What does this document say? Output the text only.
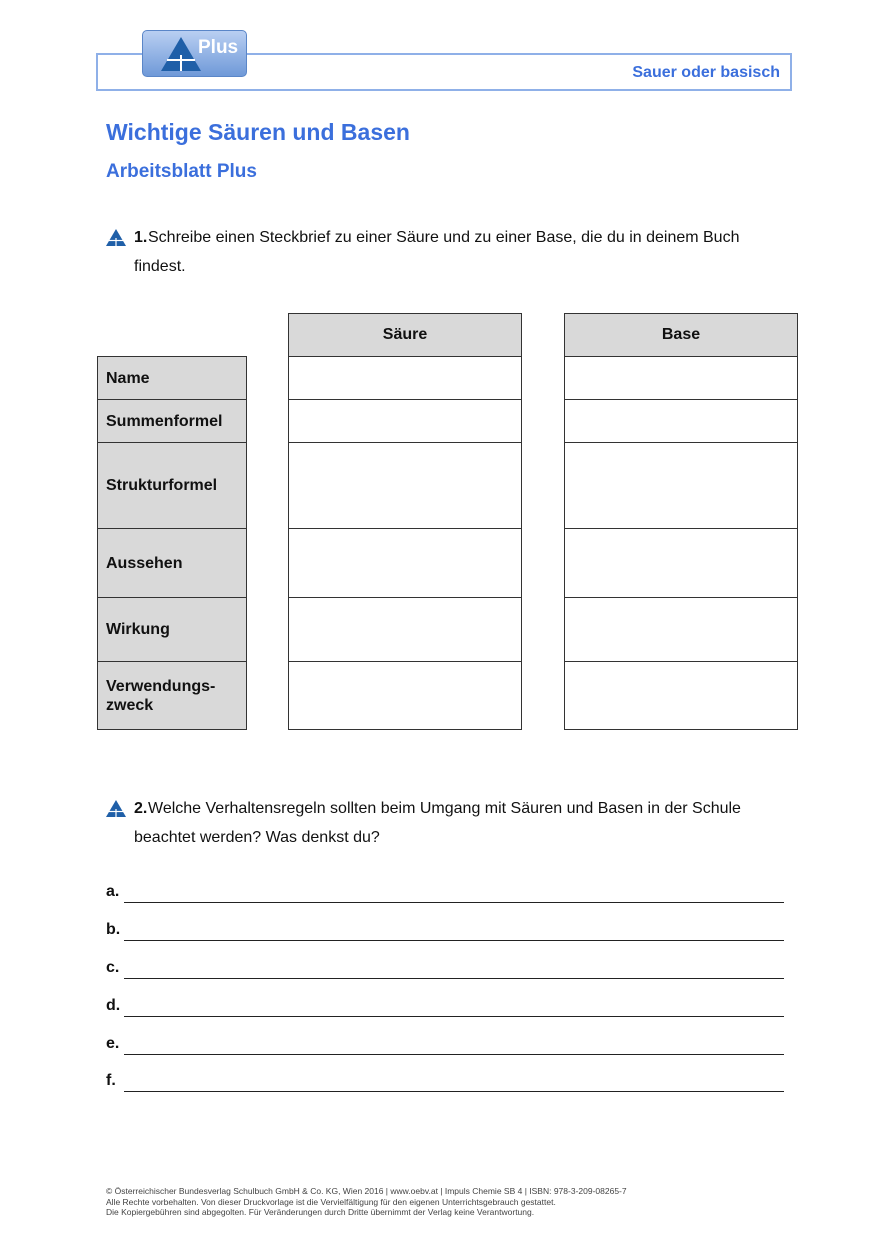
Sauer oder basisch
Plus
Wichtige Säuren und Basen
Arbeitsblatt Plus
1. Schreibe einen Steckbrief zu einer Säure und zu einer Base, die du in deinem Buch findest.
Säure	Base
Name
Summenformel
Strukturformel
Aussehen
Wirkung
Verwendungs-
zweck
2. Welche Verhaltensregeln sollten beim Umgang mit Säuren und Basen in der Schule beachtet werden? Was denkst du?
a.
b.
c.
d.
e.
f.
© Österreichischer Bundesverlag Schulbuch GmbH & Co. KG, Wien 2016 | www.oebv.at | Impuls Chemie SB 4 | ISBN: 978-3-209-08265-7
Alle Rechte vorbehalten. Von dieser Druckvorlage ist die Vervielfältigung für den eigenen Unterrichtsgebrauch gestattet.
Die Kopiergebühren sind abgegolten. Für Veränderungen durch Dritte übernimmt der Verlag keine Verantwortung.
